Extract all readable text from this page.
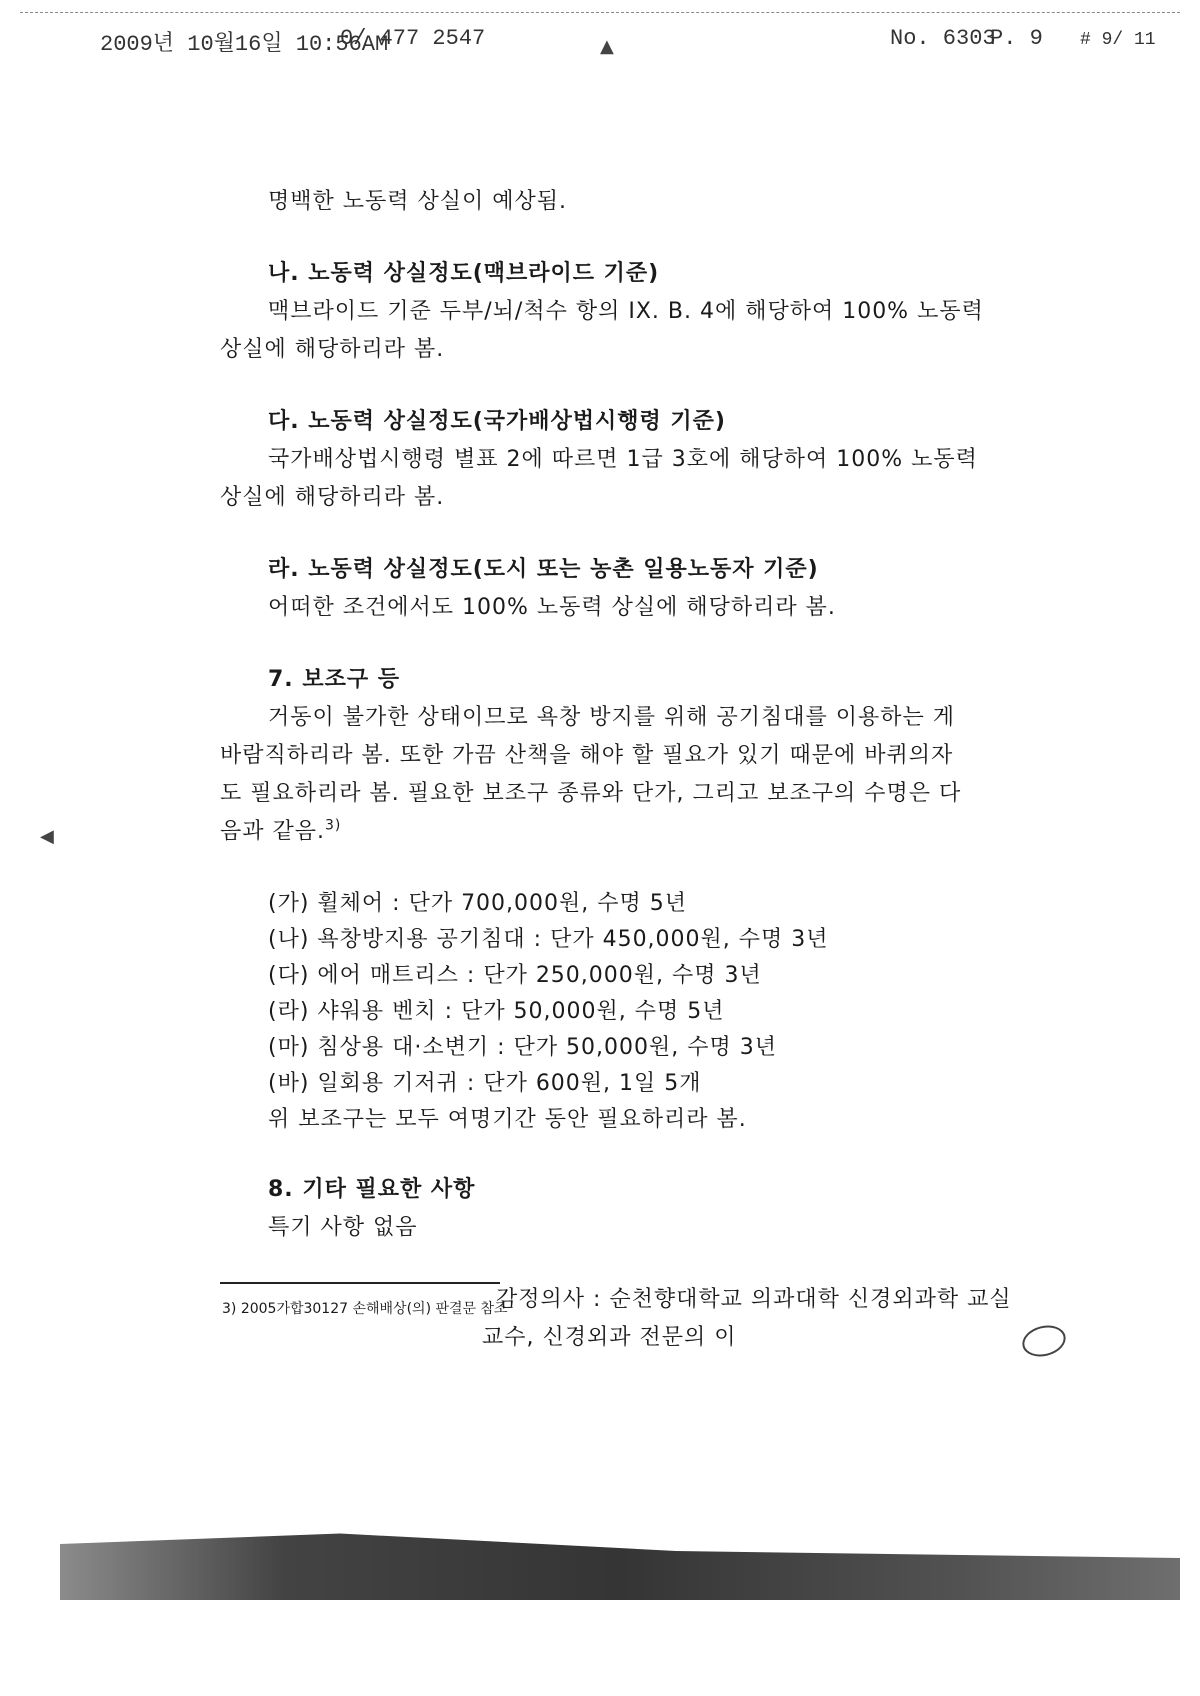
2009년 10월16일 10:56AM
0/ 477 2547	No. 6303
P. 9 # 9/ 11
▲
◀
명백한 노동력 상실이 예상됨.
나. 노동력 상실정도(맥브라이드 기준)
맥브라이드 기준 두부/뇌/척수 항의 IX. B. 4에 해당하여 100% 노동력
상실에 해당하리라 봄.
다. 노동력 상실정도(국가배상법시행령 기준)
국가배상법시행령 별표 2에 따르면 1급 3호에 해당하여 100% 노동력
상실에 해당하리라 봄.
라. 노동력 상실정도(도시 또는 농촌 일용노동자 기준)
어떠한 조건에서도 100% 노동력 상실에 해당하리라 봄.
7. 보조구 등
거동이 불가한 상태이므로 욕창 방지를 위해 공기침대를 이용하는 게
바람직하리라 봄. 또한 가끔 산책을 해야 할 필요가 있기 때문에 바퀴의자
도 필요하리라 봄. 필요한 보조구 종류와 단가, 그리고 보조구의 수명은 다
음과 같음.$^{3)}$
(가) 휠체어 : 단가 700,000원, 수명 5년
(나) 욕창방지용 공기침대 : 단가 450,000원, 수명 3년
(다) 에어 매트리스 : 단가 250,000원, 수명 3년
(라) 샤워용 벤치 : 단가 50,000원, 수명 5년
(마) 침상용 대·소변기 : 단가 50,000원, 수명 3년
(바) 일회용 기저귀 : 단가 600원, 1일 5개
위 보조구는 모두 여명기간 동안 필요하리라 봄.
8. 기타 필요한 사항
특기 사항 없음
감정의사 : 순천향대학교 의과대학 신경외과학 교실
교수, 신경외과 전문의 이
3) 2005가합30127 손해배상(의) 판결문 참조
